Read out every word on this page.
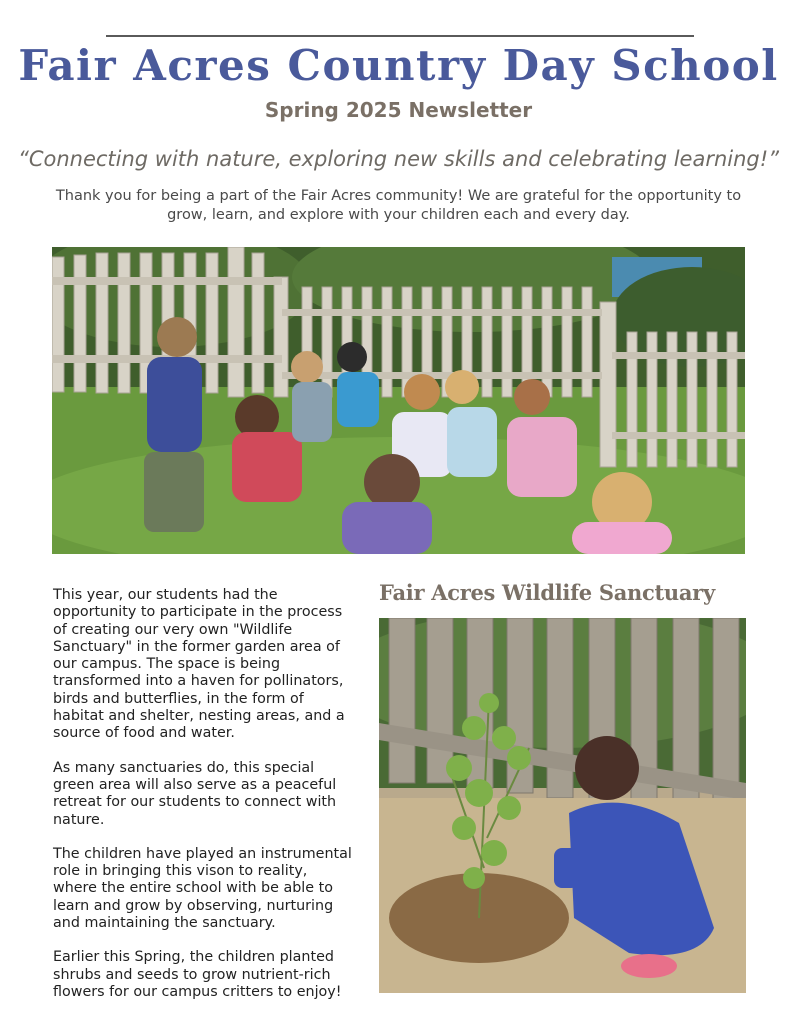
Fair Acres Country Day School
Spring 2025 Newsletter
“Connecting with nature, exploring new skills and celebrating learning!”
Thank you for being a part of the Fair Acres community! We are grateful for the opportunity to grow, learn, and explore with your children each and every day.

This year, our students had the opportunity to participate in the process of creating our very own "Wildlife Sanctuary" in the former garden area of our campus. The space is being transformed into a haven for pollinators, birds and butterflies, in the form of habitat and shelter, nesting areas, and a source of food and water.

As many sanctuaries do, this special green area will also serve as a peaceful retreat for our students to connect with nature.

The children have played an instrumental role in bringing this vison to reality, where the entire school with be able to learn and grow by observing, nurturing and maintaining the sanctuary.

Earlier this Spring, the children planted shrubs and seeds to grow nutrient-rich flowers for our campus critters to enjoy!

Fair Acres Wildlife Sanctuary
